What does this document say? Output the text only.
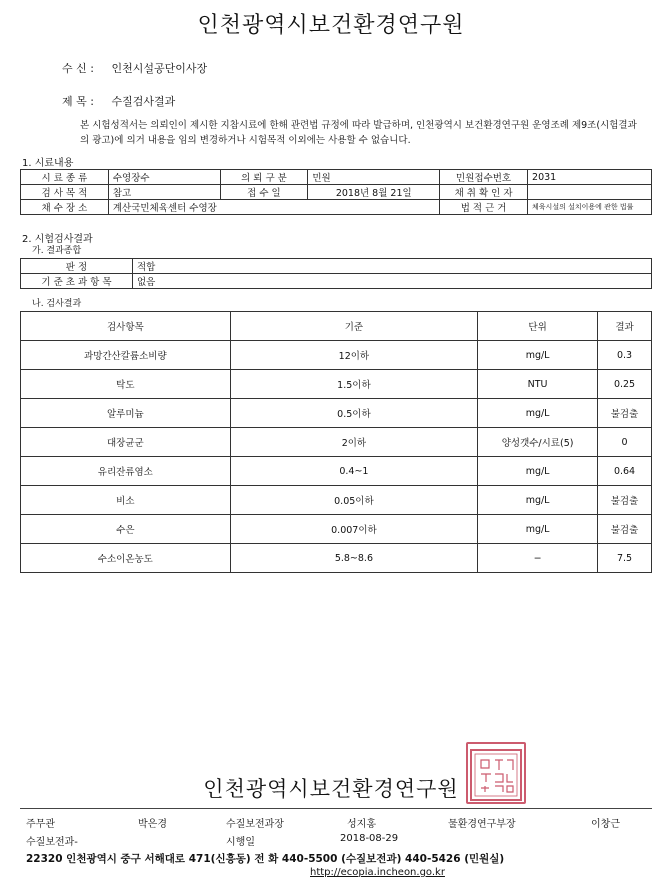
인천광역시보건환경연구원
수 신 : 인천시설공단이사장
제 목 : 수질검사결과
본 시험성적서는 의뢰인이 제시한 지참시료에 한해 관련법 규정에 따라 발급하며, 인천광역시 보건환경연구원 운영조례 제9조(시험결과의 광고)에 의거 내용을 임의 변경하거나 시험목적 이외에는 사용할 수 없습니다.
1. 시료내용
시 료 종 류	수영장수	의 뢰 구 분	민원	민원접수번호	2031
검 사 목 적	참고	접 수 일	2018년 8월 21일	채 취 확 인 자	
채 수 장 소	계산국민체육센터 수영장			법 적 근 거	체육시설의 설치이용에 관한 법률
2. 시험검사결과
가. 결과종합
판 정	적합
기 준 초 과 항 목	없음
나. 검사결과
검사항목	기준	단위	결과
과망간산칼륨소비량	12이하	mg/L	0.3
탁도	1.5이하	NTU	0.25
알루미늄	0.5이하	mg/L	불검출
대장균군	2이하	양성갯수/시료(5)	0
유리잔류염소	0.4~1	mg/L	0.64
비소	0.05이하	mg/L	불검출
수은	0.007이하	mg/L	불검출
수소이온농도	5.8~8.6	−	7.5
인천광역시보건환경연구원
주무관	박은경	수질보전과장	성지홍	물환경연구부장	이창근
수질보전과-	시행일	2018-08-29
22320 인천광역시 중구 서해대로 471(신흥동) 전 화 440-5500 (수질보전과) 440-5426 (민원실)
http://ecopia.incheon.go.kr
